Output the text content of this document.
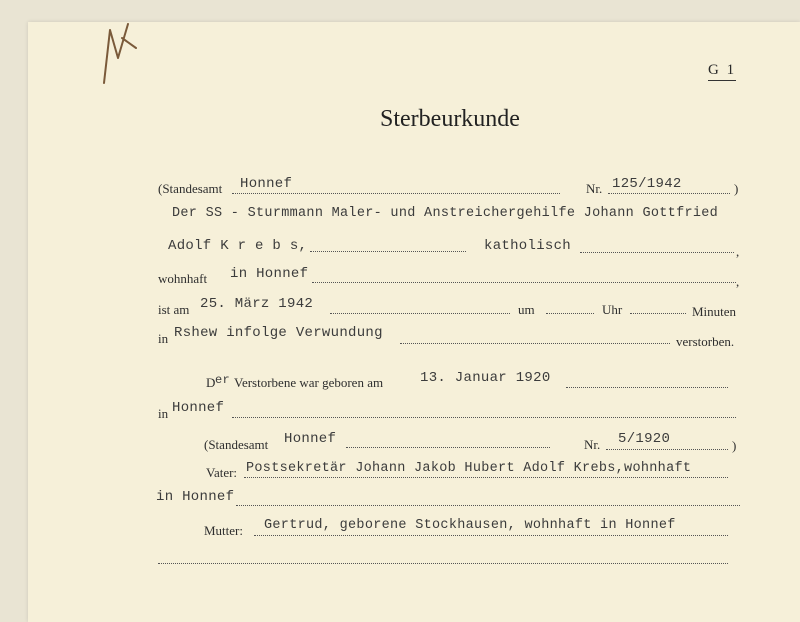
G 1
Sterbeurkunde
(Standesamt Honnef	Nr. 125/1942	)
Der SS - Sturmmann Maler- und Anstreichergehilfe Johann Gottfried
Adolf K r e b s,	katholisch	,
wohnhaft in Honnef	,
ist am 25. März 1942	um	Uhr	Minuten
in Rshew infolge Verwundung
verstorben.
D er Verstorbene war geboren am	13. Januar 1920
in Honnef
(Standesamt Honnef	Nr. 5/1920	)
Vater: Postsekretär Johann Jakob Hubert Adolf Krebs,wohnhaft
in Honnef
Mutter: Gertrud, geborene Stockhausen, wohnhaft in Honnef
